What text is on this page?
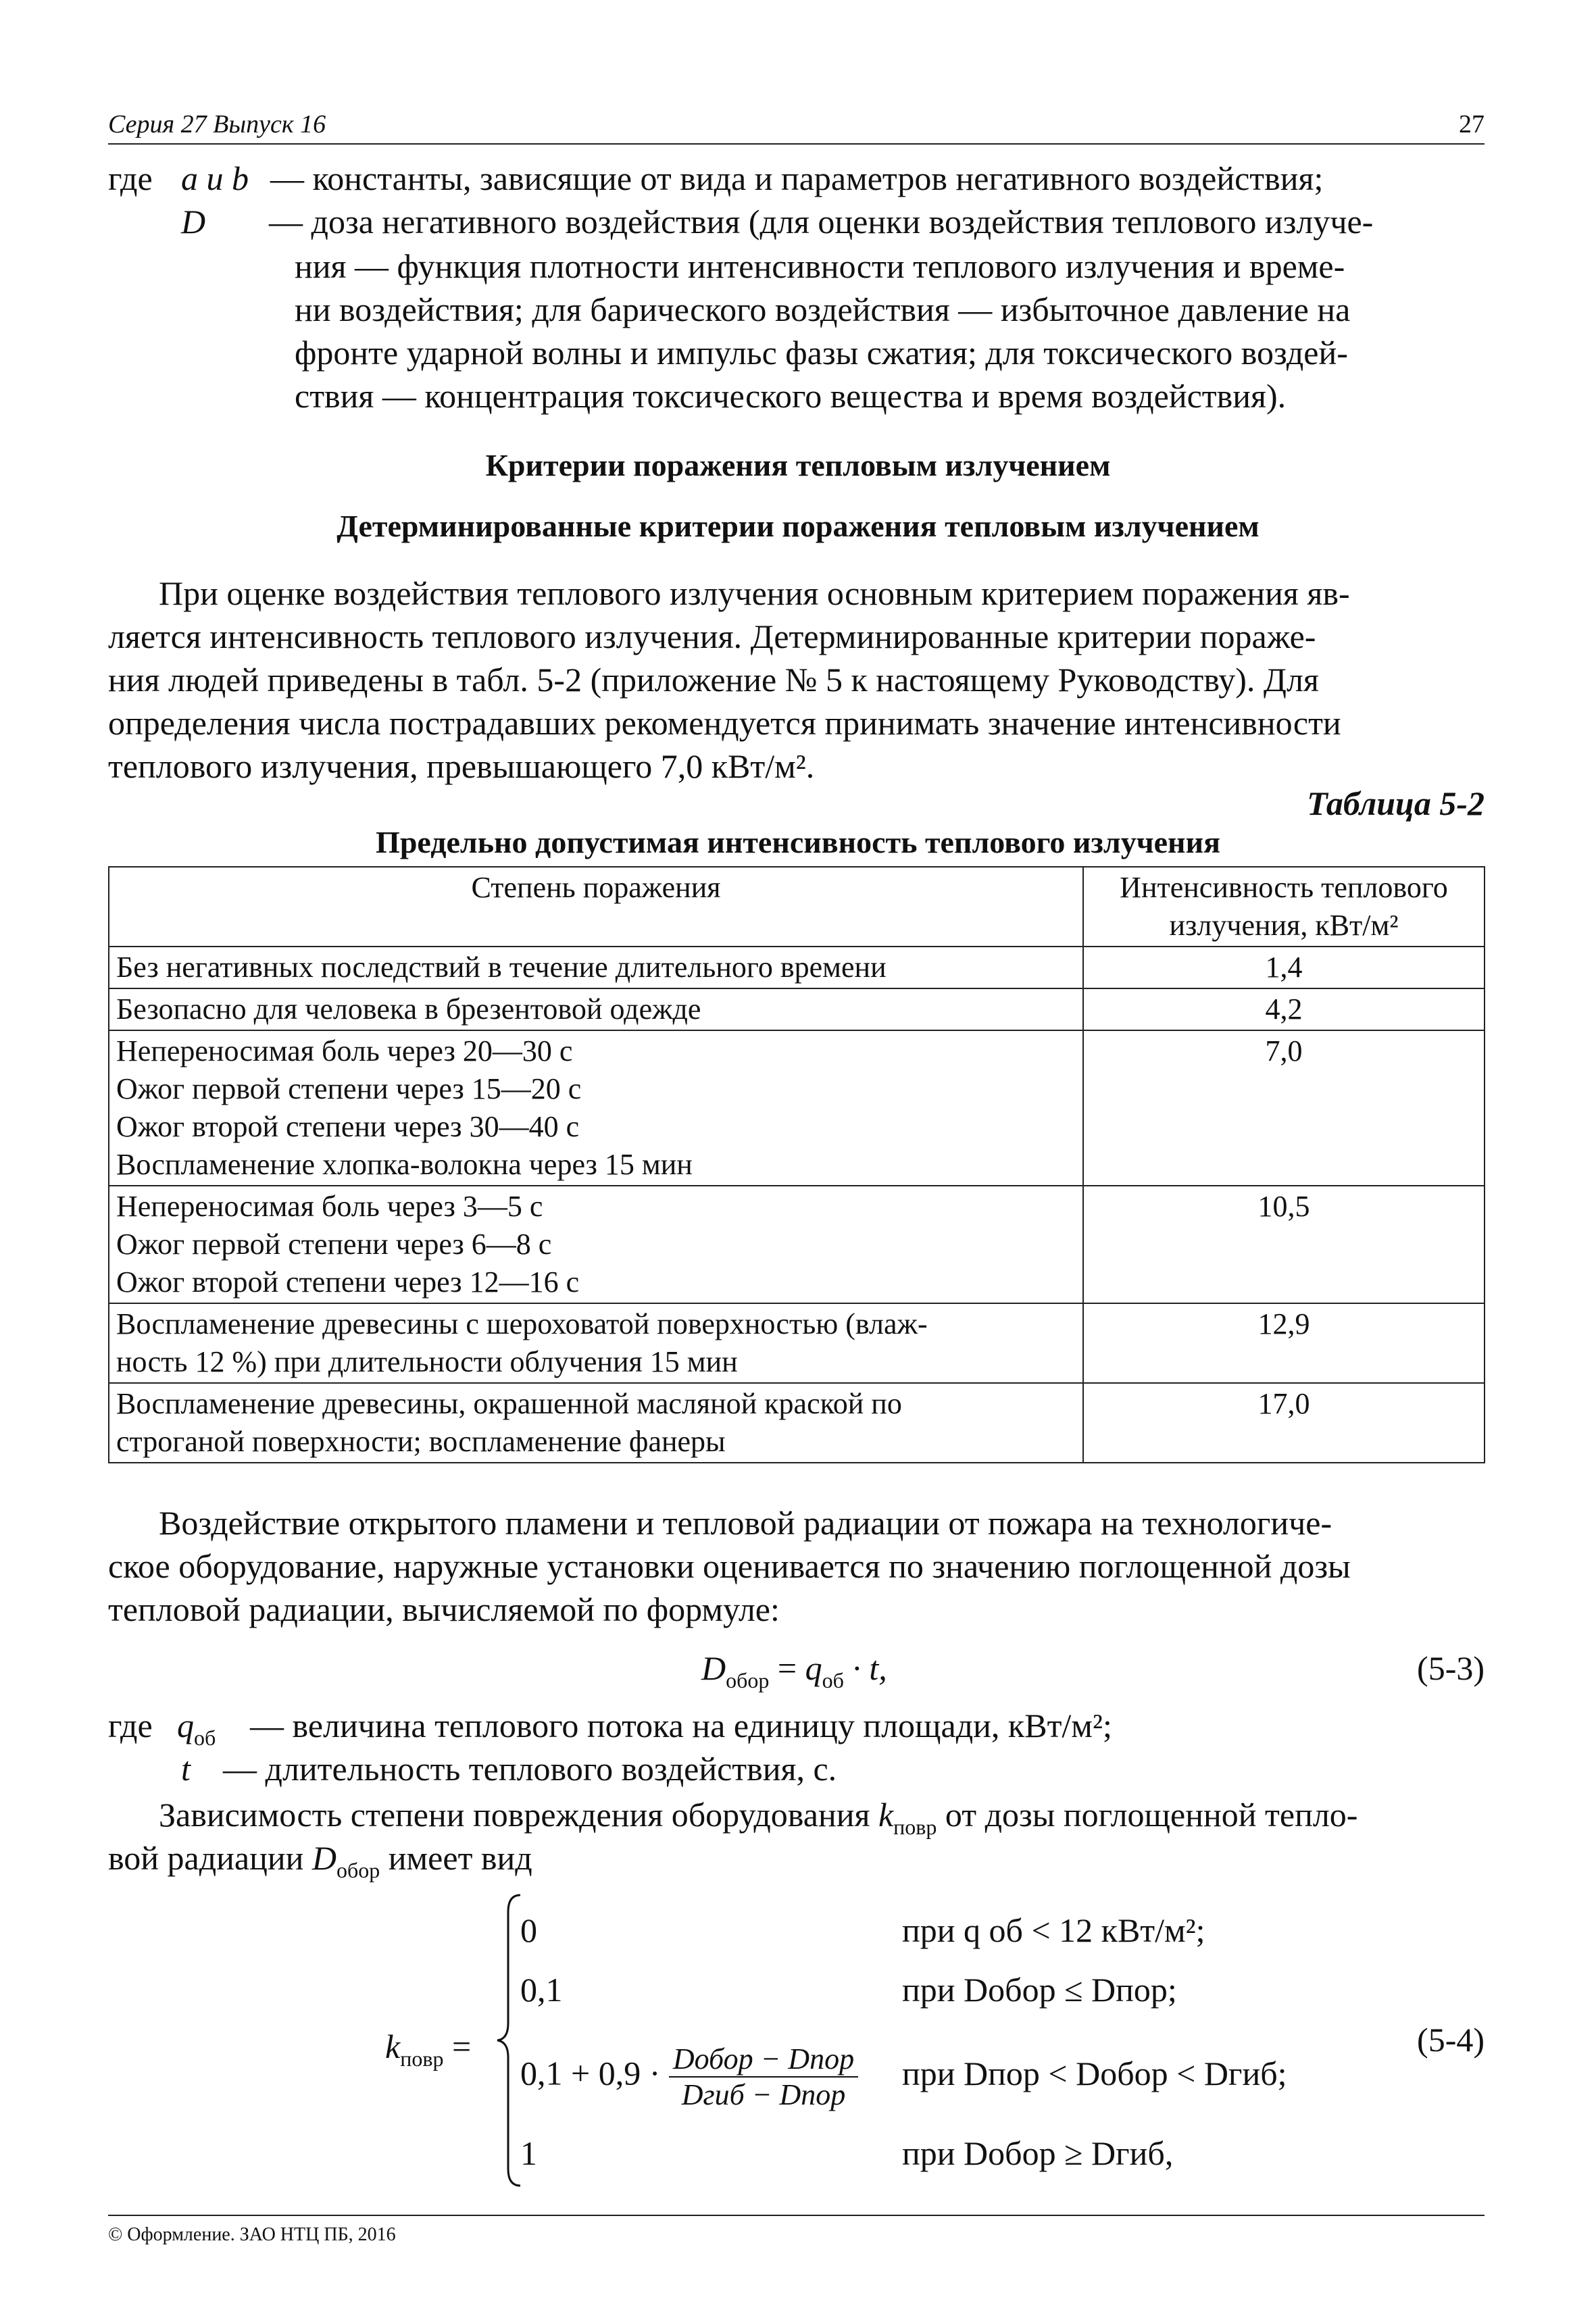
Серия 27 Выпуск 16	27
где a и b — константы, зависящие от вида и параметров негативного воздействия;
D — доза негативного воздействия (для оценки воздействия теплового излуче-
ния — функция плотности интенсивности теплового излучения и време-
ни воздействия; для барического воздействия — избыточное давление на
фронте ударной волны и импульс фазы сжатия; для токсического воздей-
ствия — концентрация токсического вещества и время воздействия).
Критерии поражения тепловым излучением
Детерминированные критерии поражения тепловым излучением
При оценке воздействия теплового излучения основным критерием поражения яв-
ляется интенсивность теплового излучения. Детерминированные критерии пораже-
ния людей приведены в табл. 5-2 (приложение № 5 к настоящему Руководству). Для
определения числа пострадавших рекомендуется принимать значение интенсивности
теплового излучения, превышающего 7,0 кВт/м².
Таблица 5-2
Предельно допустимая интенсивность теплового излучения
Степень поражения	Интенсивность теплового
излучения, кВт/м²

Без негативных последствий в течение длительного времени	1,4

Безопасно для человека в брезентовой одежде	4,2

Непереносимая боль через 20—30 с
Ожог первой степени через 15—20 с
Ожог второй степени через 30—40 с
Воспламенение хлопка-волокна через 15 мин	7,0

Непереносимая боль через 3—5 с
Ожог первой степени через 6—8 с
Ожог второй степени через 12—16 с	10,5

Воспламенение древесины с шероховатой поверхностью (влаж-
ность 12 %) при длительности облучения 15 мин	12,9

Воспламенение древесины, окрашенной масляной краской по
строганой поверхности; воспламенение фанеры	17,0
Воздействие открытого пламени и тепловой радиации от пожара на технологиче-
ское оборудование, наружные установки оценивается по значению поглощенной дозы
тепловой радиации, вычисляемой по формуле:
$D_{обор} = q_{об} \cdot t$,	(5-3)
где $q_{об}$ — величина теплового потока на единицу площади, кВт/м²;
t — длительность теплового воздействия, с.
Зависимость степени повреждения оборудования $k_{повр}$ от дозы поглощенной тепло-
вой радиации $D_{обор}$ имеет вид
$k_{повр}$ =
0
0,1
$0,1 + 0,9 \cdot \frac{\text{Dобор − Dпор}}{\text{Dгиб − Dпор}}$
1
при q об < 12 кВт/м²;
при Dобор ≤ Dпор;
при Dпор < Dобор < Dгиб;
при Dобор ≥ Dгиб,
(5-4)
© Оформление. ЗАО НТЦ ПБ, 2016
